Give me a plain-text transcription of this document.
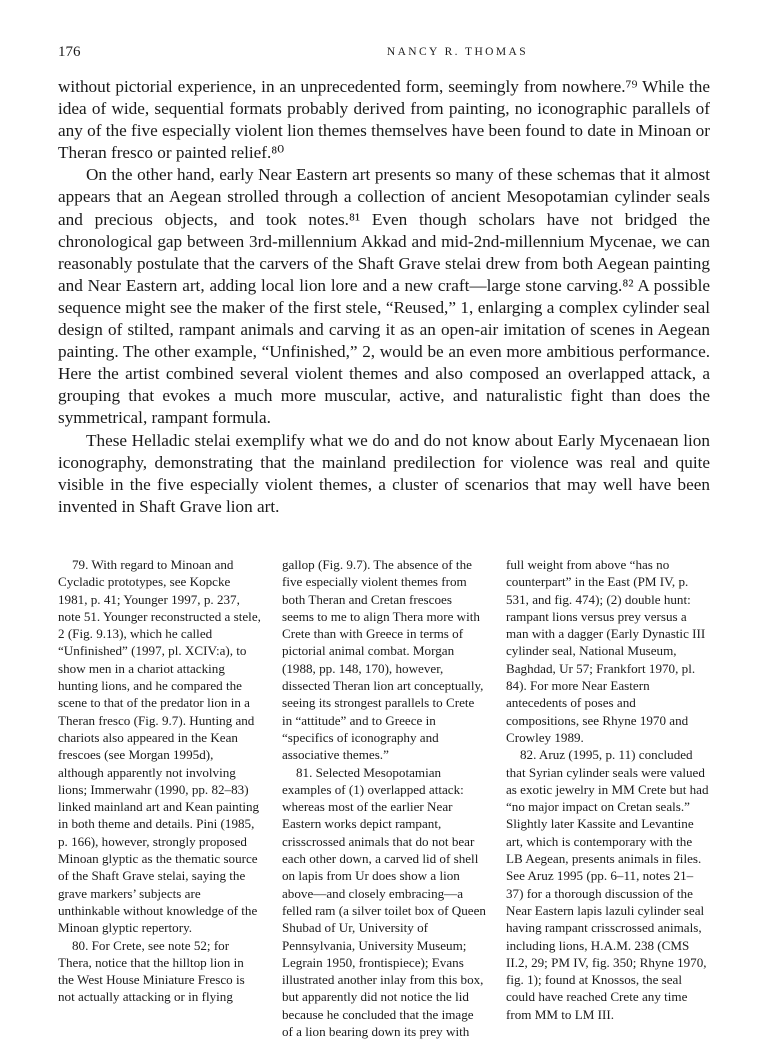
176	NANCY R. THOMAS

without pictorial experience, in an unprecedented form, seemingly from nowhere.⁷⁹ While the idea of wide, sequential formats probably derived from painting, no iconographic parallels of any of the five especially violent lion themes themselves have been found to date in Minoan or Theran fresco or painted relief.⁸⁰

On the other hand, early Near Eastern art presents so many of these schemas that it almost appears that an Aegean strolled through a collection of ancient Mesopotamian cylinder seals and precious objects, and took notes.⁸¹ Even though scholars have not bridged the chronological gap between 3rd-millennium Akkad and mid-2nd-millennium Mycenae, we can reasonably postulate that the carvers of the Shaft Grave stelai drew from both Aegean painting and Near Eastern art, adding local lion lore and a new craft—large stone carving.⁸² A possible sequence might see the maker of the first stele, “Reused,” 1, enlarging a complex cylinder seal design of stilted, rampant animals and carving it as an open-air imitation of scenes in Aegean painting. The other example, “Unfinished,” 2, would be an even more ambitious performance. Here the artist combined several violent themes and also composed an overlapped attack, a grouping that evokes a much more muscular, active, and naturalistic fight than does the symmetrical, rampant formula.

These Helladic stelai exemplify what we do and do not know about Early Mycenaean lion iconography, demonstrating that the mainland predilection for violence was real and quite visible in the five especially violent themes, a cluster of scenarios that may well have been invented in Shaft Grave lion art.

79. With regard to Minoan and Cycladic prototypes, see Kopcke 1981, p. 41; Younger 1997, p. 237, note 51. Younger reconstructed a stele, 2 (Fig. 9.13), which he called “Unfinished” (1997, pl. XCIV:a), to show men in a chariot attacking hunting lions, and he compared the scene to that of the predator lion in a Theran fresco (Fig. 9.7). Hunting and chariots also appeared in the Kean frescoes (see Morgan 1995d), although apparently not involving lions; Immerwahr (1990, pp. 82–83) linked mainland art and Kean painting in both theme and details. Pini (1985, p. 166), however, strongly proposed Minoan glyptic as the thematic source of the Shaft Grave stelai, saying the grave markers’ subjects are unthinkable without knowledge of the Minoan glyptic repertory.

80. For Crete, see note 52; for Thera, notice that the hilltop lion in the West House Miniature Fresco is not actually attacking or in flying

gallop (Fig. 9.7). The absence of the five especially violent themes from both Theran and Cretan frescoes seems to me to align Thera more with Crete than with Greece in terms of pictorial animal combat. Morgan (1988, pp. 148, 170), however, dissected Theran lion art conceptually, seeing its strongest parallels to Crete in “attitude” and to Greece in “specifics of iconography and associative themes.”

81. Selected Mesopotamian examples of (1) overlapped attack: whereas most of the earlier Near Eastern works depict rampant, crisscrossed animals that do not bear each other down, a carved lid of shell on lapis from Ur does show a lion above—and closely embracing—a felled ram (a silver toilet box of Queen Shubad of Ur, University of Pennsylvania, University Museum; Legrain 1950, frontispiece); Evans illustrated another inlay from this box, but apparently did not notice the lid because he concluded that the image of a lion bearing down its prey with

full weight from above “has no counterpart” in the East (PM IV, p. 531, and fig. 474); (2) double hunt: rampant lions versus prey versus a man with a dagger (Early Dynastic III cylinder seal, National Museum, Baghdad, Ur 57; Frankfort 1970, pl. 84). For more Near Eastern antecedents of poses and compositions, see Rhyne 1970 and Crowley 1989.

82. Aruz (1995, p. 11) concluded that Syrian cylinder seals were valued as exotic jewelry in MM Crete but had “no major impact on Cretan seals.” Slightly later Kassite and Levantine art, which is contemporary with the LB Aegean, presents animals in files. See Aruz 1995 (pp. 6–11, notes 21–37) for a thorough discussion of the Near Eastern lapis lazuli cylinder seal having rampant crisscrossed animals, including lions, H.A.M. 238 (CMS II.2, 29; PM IV, fig. 350; Rhyne 1970, fig. 1); found at Knossos, the seal could have reached Crete any time from MM to LM III.
